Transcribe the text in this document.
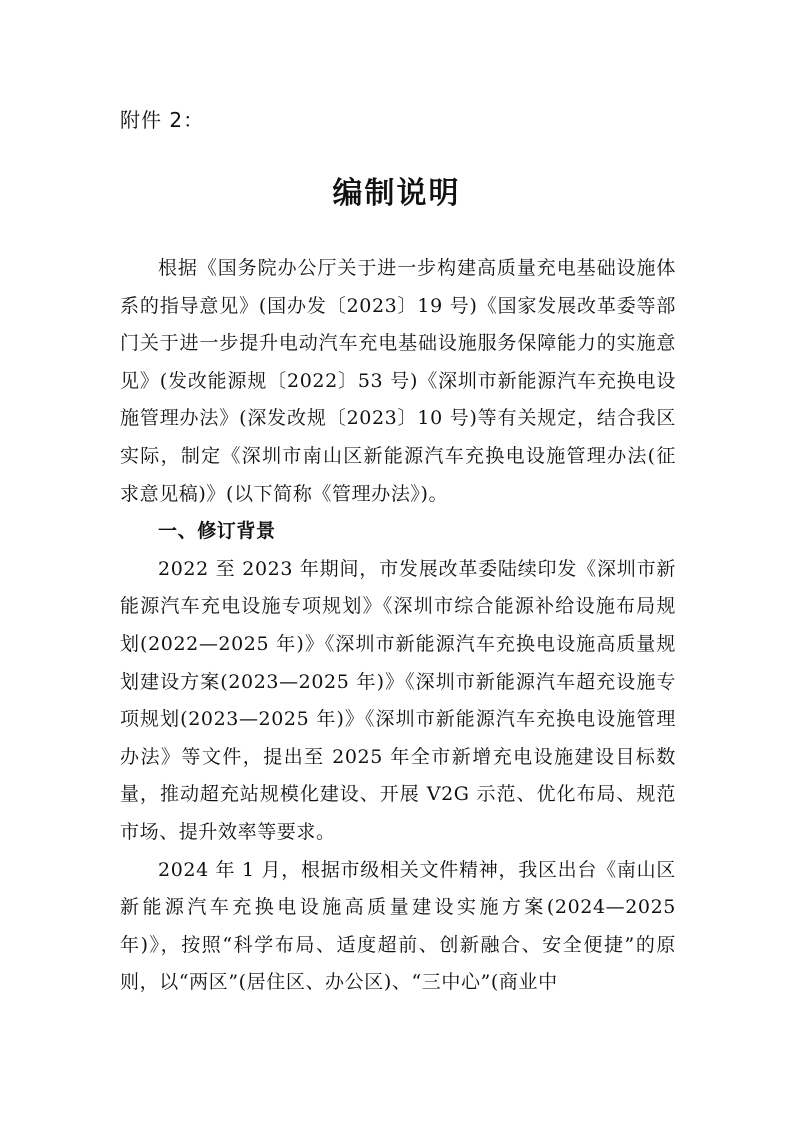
附件 2：
编制说明

根据《国务院办公厅关于进一步构建高质量充电基础设施体系的指导意见》(国办发〔2023〕19 号)《国家发展改革委等部门关于进一步提升电动汽车充电基础设施服务保障能力的实施意见》(发改能源规〔2022〕53 号)《深圳市新能源汽车充换电设施管理办法》(深发改规〔2023〕10 号)等有关规定，结合我区实际，制定《深圳市南山区新能源汽车充换电设施管理办法(征求意见稿)》(以下简称《管理办法》)。

一、修订背景

2022 至 2023 年期间，市发展改革委陆续印发《深圳市新能源汽车充电设施专项规划》《深圳市综合能源补给设施布局规划(2022—2025 年)》《深圳市新能源汽车充换电设施高质量规划建设方案(2023—2025 年)》《深圳市新能源汽车超充设施专项规划(2023—2025 年)》《深圳市新能源汽车充换电设施管理办法》等文件，提出至 2025 年全市新增充电设施建设目标数量，推动超充站规模化建设、开展 V2G 示范、优化布局、规范市场、提升效率等要求。

2024 年 1 月，根据市级相关文件精神，我区出台《南山区新能源汽车充换电设施高质量建设实施方案(2024—2025 年)》，按照“科学布局、适度超前、创新融合、安全便捷”的原则，以“两区”(居住区、办公区)、“三中心”(商业中
